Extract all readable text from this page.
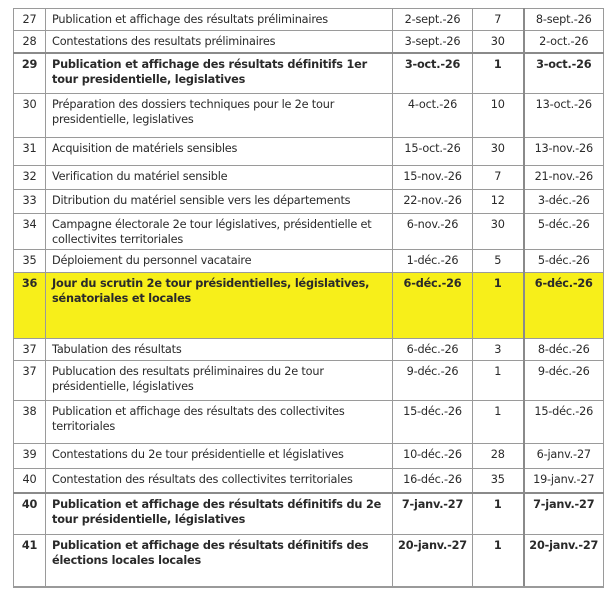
27	Publication et affichage des résultats préliminaires	2-sept.-26	7	8-sept.-26
28	Contestations des resultats préliminaires	3-sept.-26	30	2-oct.-26
29	Publication et affichage des résultats définitifs 1er tour presidentielle, legislatives	3-oct.-26	1	3-oct.-26
30	Préparation des dossiers techniques pour le 2e tour presidentielle, legislatives	4-oct.-26	10	13-oct.-26
31	Acquisition de matériels sensibles	15-oct.-26	30	13-nov.-26
32	Verification du matériel sensible	15-nov.-26	7	21-nov.-26
33	Ditribution du matériel sensible vers les départements	22-nov.-26	12	3-déc.-26
34	Campagne électorale 2e tour législatives, présidentielle et collectivites territoriales	6-nov.-26	30	5-déc.-26
35	Déploiement du personnel vacataire	1-déc.-26	5	5-déc.-26
36	Jour du scrutin 2e tour présidentielles, législatives, sénatoriales et locales	6-déc.-26	1	6-déc.-26
37	Tabulation des résultats	6-déc.-26	3	8-déc.-26
37	Publucation des resultats préliminaires du 2e tour présidentielle, législatives	9-déc.-26	1	9-déc.-26
38	Publication et affichage des résultats des collectivites territoriales	15-déc.-26	1	15-déc.-26
39	Contestations du 2e tour présidentielle et législatives	10-déc.-26	28	6-janv.-27
40	Contestation des résultats des collectivites territoriales	16-déc.-26	35	19-janv.-27
40	Publication et affichage des résultats définitifs du 2e tour présidentielle, législatives	7-janv.-27	1	7-janv.-27
41	Publication et affichage des résultats définitifs des élections locales locales	20-janv.-27	1	20-janv.-27
